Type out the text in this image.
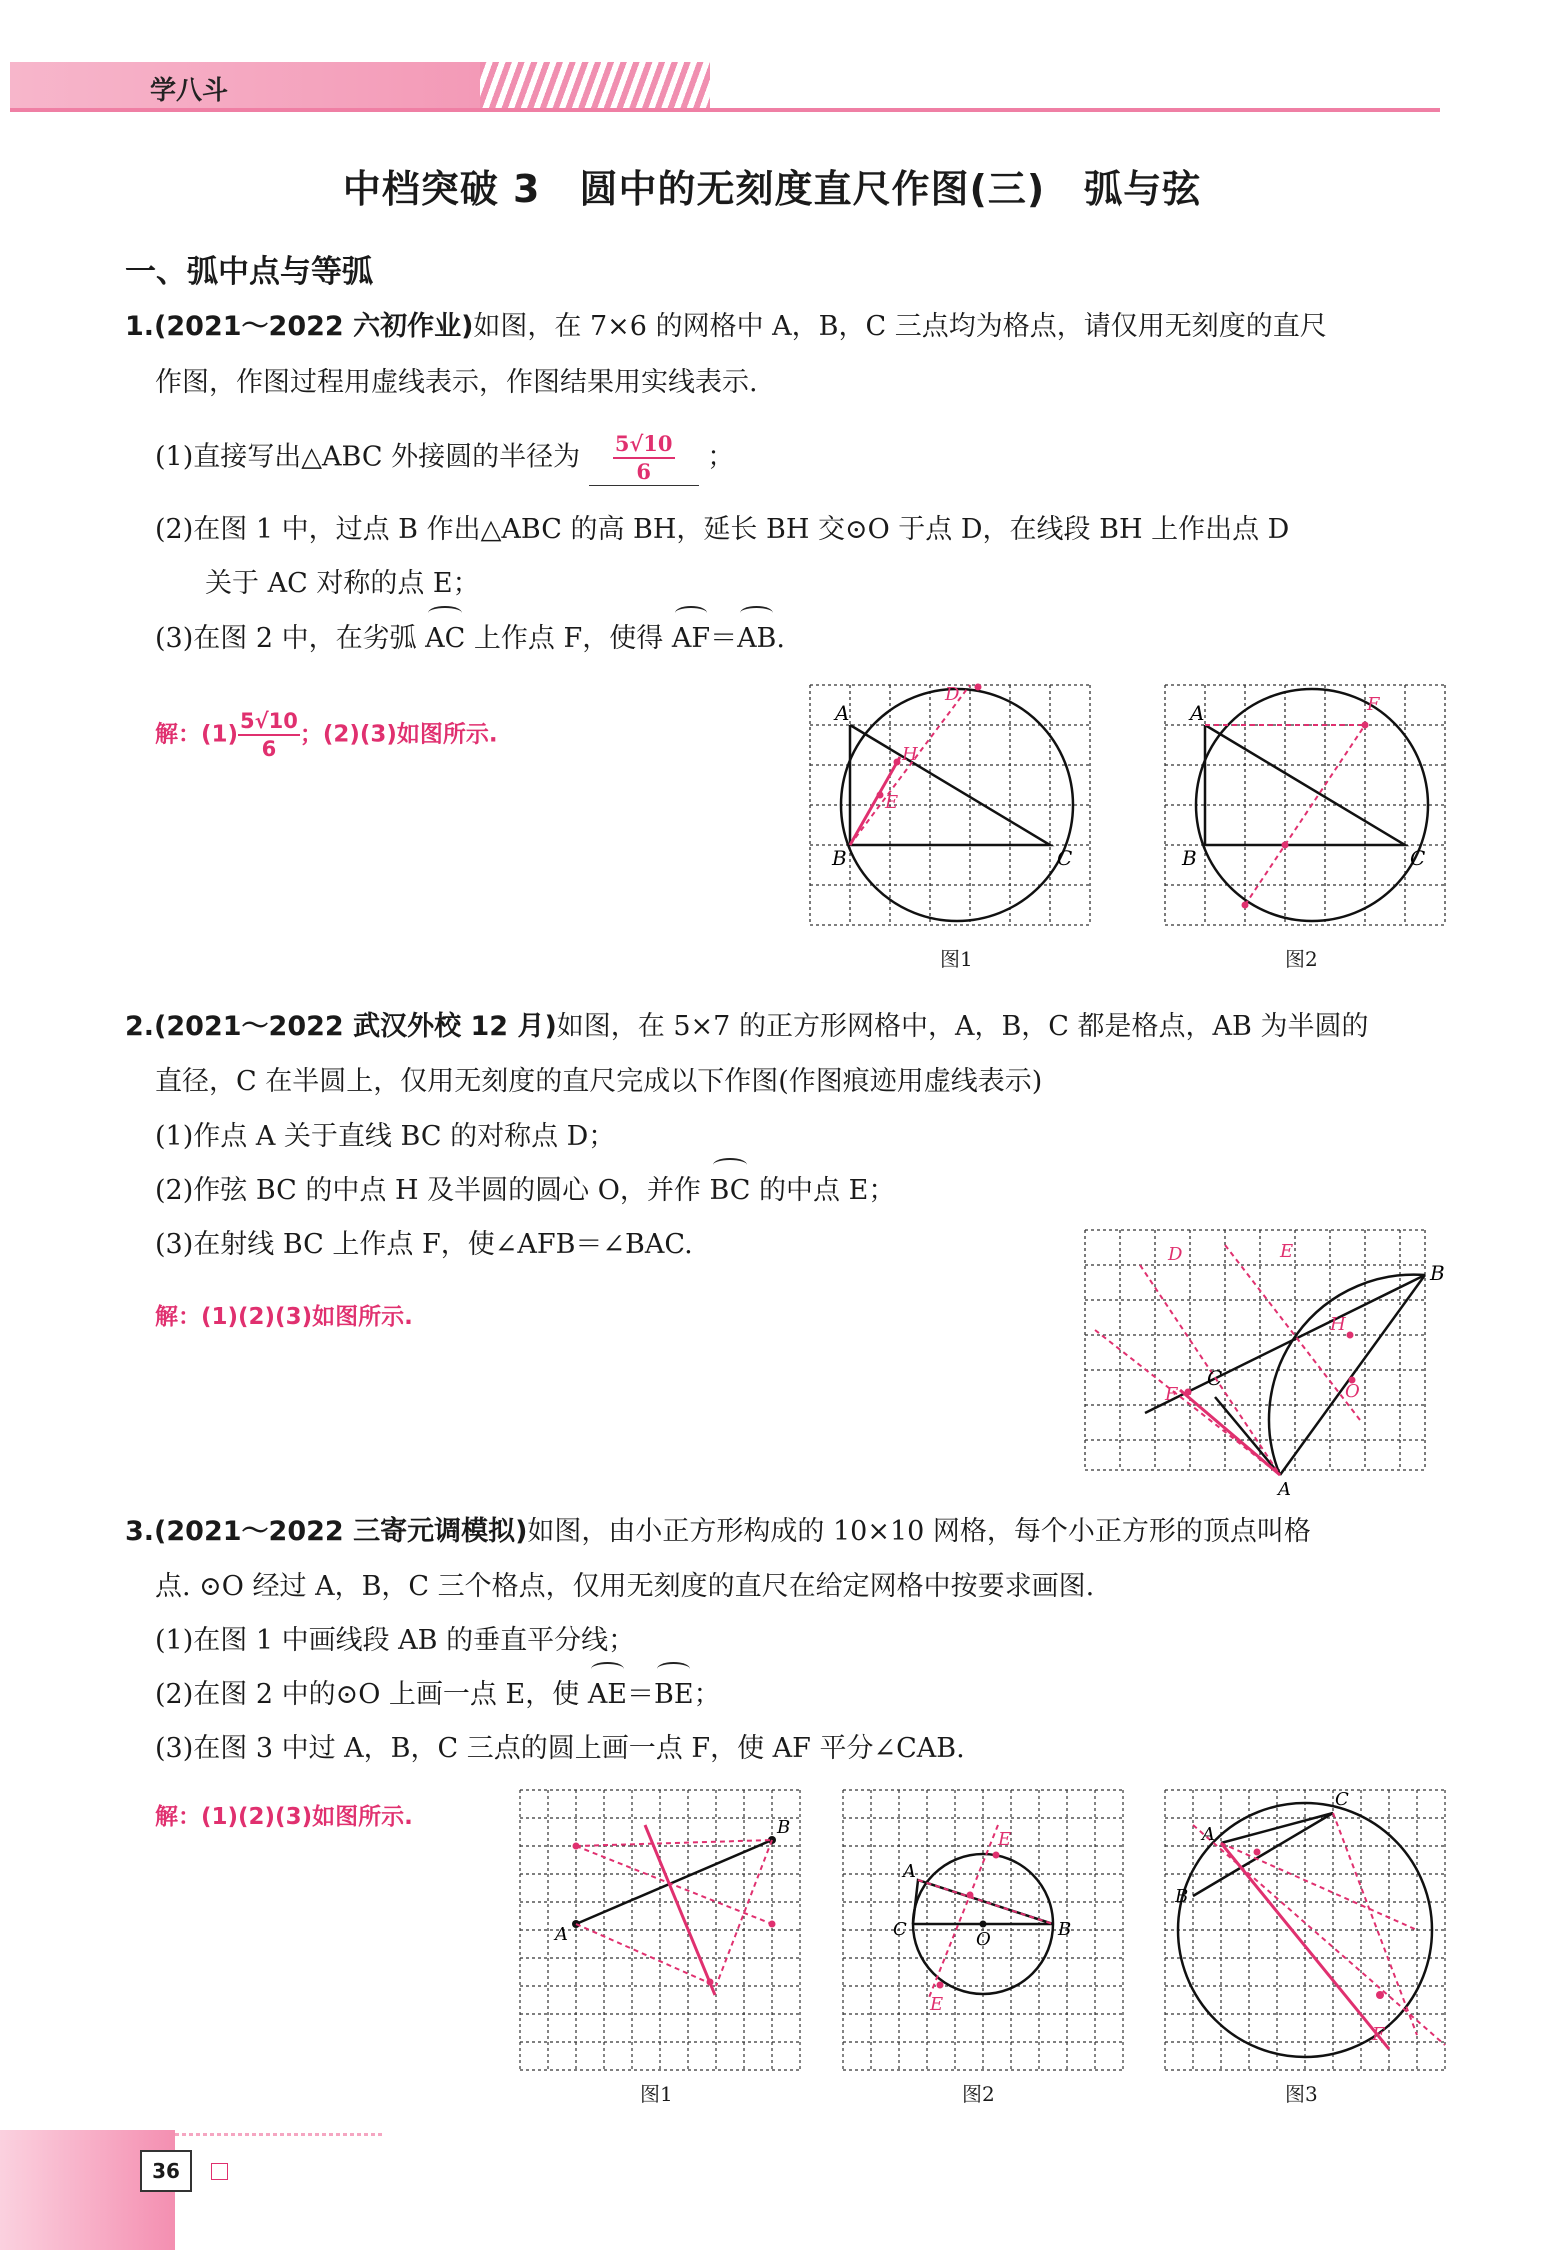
学八斗
中档突破 3　圆中的无刻度直尺作图(三)　弧与弦
一、弧中点与等弧
1.(2021～2022 六初作业)如图，在 7×6 的网格中 A，B，C 三点均为格点，请仅用无刻度的直尺
作图，作图过程用虚线表示，作图结果用实线表示.
(1)直接写出△ABC 外接圆的半径为 $\frac{5√10}{6}$ ；
(2)在图 1 中，过点 B 作出△ABC 的高 BH，延长 BH 交⊙O 于点 D，在线段 BH 上作出点 D
关于 AC 对称的点 E；
(3)在图 2 中，在劣弧 AC 上作点 F，使得 AF＝AB.
解：$(1) \frac{5√10}{6}$ ；(2)(3)如图所示.
A
B	C
H
E
D
图1
A
B	C
F
图2
2.(2021～2022 武汉外校 12 月)如图，在 5×7 的正方形网格中，A，B，C 都是格点，AB 为半圆的
直径，C 在半圆上，仅用无刻度的直尺完成以下作图(作图痕迹用虚线表示)
(1)作点 A 关于直线 BC 的对称点 D；
(2)作弦 BC 的中点 H 及半圆的圆心 O，并作 BC 的中点 E；
(3)在射线 BC 上作点 F，使∠AFB＝∠BAC.
解：(1)(2)(3)如图所示.
B
A
C
F
D	E
H
O
3.(2021～2022 三寄元调模拟)如图，由小正方形构成的 10×10 网格，每个小正方形的顶点叫格
点. ⊙O 经过 A，B，C 三个格点，仅用无刻度的直尺在给定网格中按要求画图.
(1)在图 1 中画线段 AB 的垂直平分线；
(2)在图 2 中的⊙O 上画一点 E，使 AE＝BE；
(3)在图 3 中过 A，B，C 三点的圆上画一点 F，使 AF 平分∠CAB.
解：(1)(2)(3)如图所示.	B
A
图1
A
C	B
O
E
E
图2
A
C
B
F
图3
36
